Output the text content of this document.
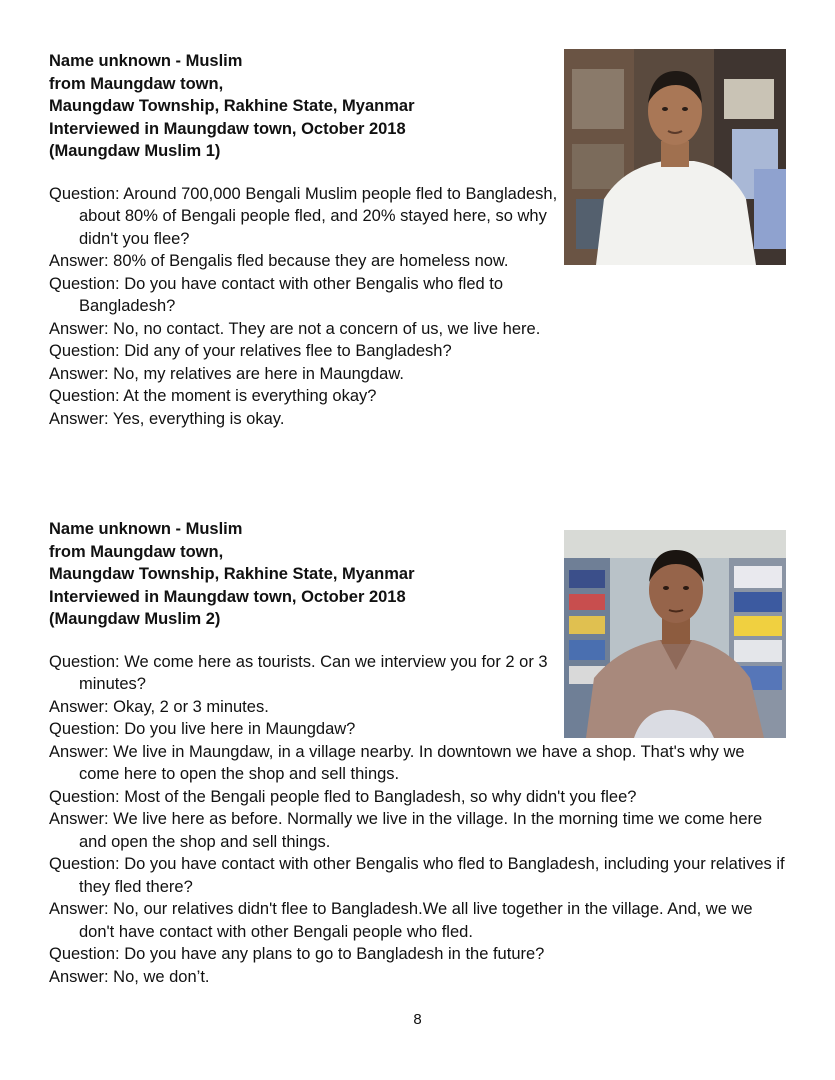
Name unknown - Muslim
from Maungdaw town,
Maungdaw Township, Rakhine State, Myanmar
Interviewed in Maungdaw town, October 2018
(Maungdaw Muslim 1)
Question: Around 700,000 Bengali Muslim people fled to Bangladesh, about 80% of Bengali people fled, and 20% stayed here, so why didn't you flee?
Answer: 80% of Bengalis fled because they are homeless now.
Question: Do you have contact with other Bengalis who fled to Bangladesh?
Answer: No, no contact. They are not a concern of us, we live here.
Question: Did any of your relatives flee to Bangladesh?
Answer: No, my relatives are here in Maungdaw.
Question: At the moment is everything okay?
Answer: Yes, everything is okay.
Name unknown - Muslim
from Maungdaw town,
Maungdaw Township, Rakhine State, Myanmar
Interviewed in Maungdaw town, October 2018
(Maungdaw Muslim 2)
Question: We come here as tourists. Can we interview you for 2 or 3 minutes?
Answer: Okay, 2 or 3 minutes.
Question: Do you live here in Maungdaw?
Answer: We live in Maungdaw, in a village nearby. In downtown we have a shop. That's why we come here to open the shop and sell things.
Question: Most of the Bengali people fled to Bangladesh, so why didn't you flee?
Answer: We live here as before. Normally we live in the village. In the morning time we come here and open the shop and sell things.
Question: Do you have contact with other Bengalis who fled to Bangladesh, including your relatives if they fled there?
Answer: No, our relatives didn't flee to Bangladesh.We all live together in the village. And, we we don't have contact with other Bengali people who fled.
Question: Do you have any plans to go to Bangladesh in the future?
Answer: No, we don’t.
8
